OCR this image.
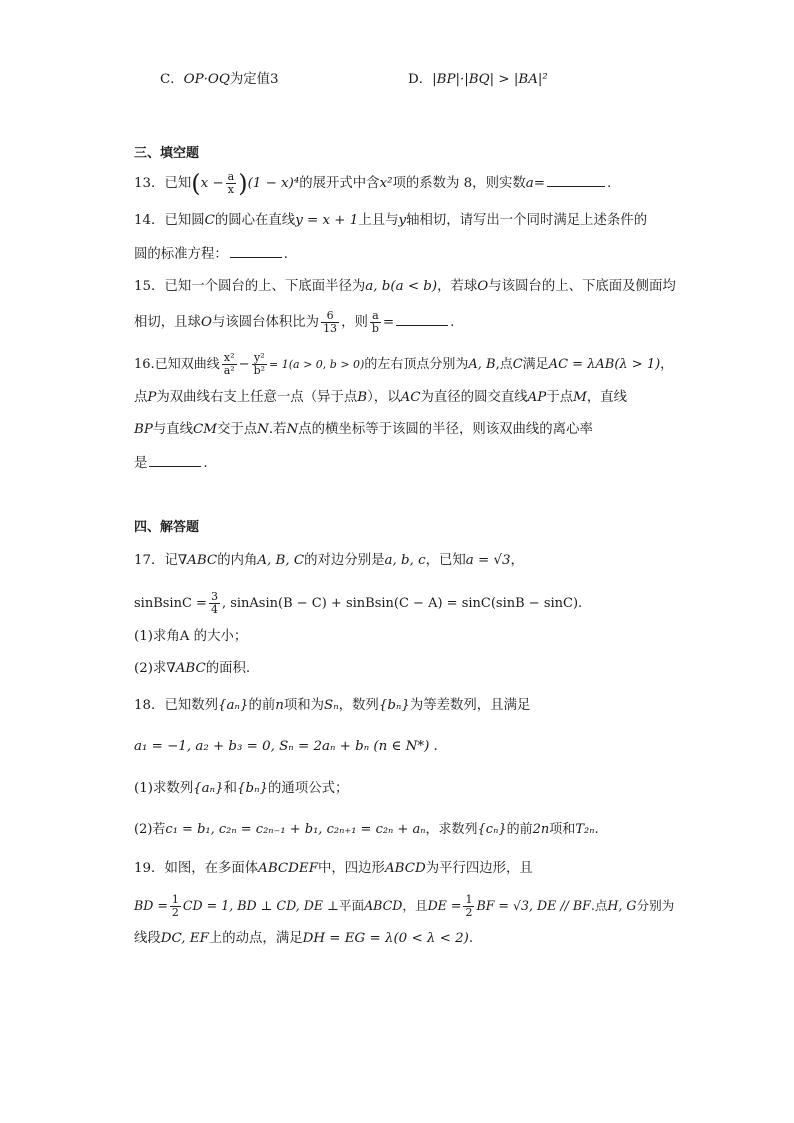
C．OP·OQ为定值3	D．|BP|·|BQ| > |BA|²
三、填空题
13．已知$(x - \frac{a}{x} )(1 - x)^4$的展开式中含x²项的系数为 8，则实数a=	.
14．已知圆C的圆心在直线y = x + 1上且与y轴相切，请写出一个同时满足上述条件的
圆的标准方程：	.
15．已知一个圆台的上、下底面半径为a, b(a < b)，若球O与该圆台的上、下底面及侧面均
相切，且球O与该圆台体积比为 $\frac{6}{13}$ ，则 $\frac{a}{b}$ =	.
16.已知双曲线 $\frac{\text{x²}}{\text{a²}} - \frac{\text{y²}}{\text{b²}} = 1(a > 0$, b > 0)的左右顶点分别为A, B,点C满足AC = λAB(λ > 1)，
点P为双曲线右支上任意一点（异于点B），以AC为直径的圆交直线AP于点M，直线
BP与直线CM交于点N.若N点的横坐标等于该圆的半径，则该双曲线的离心率
是	.
四、解答题
17．记∇ABC的内角A, B, C的对边分别是a, b, c，已知a = √3，
sinBsinC = $\frac{3}{4}$ , sinAsin(B − C) + sinBsin(C − A) = sinC(sinB − sinC).
(1)求角A 的大小；
(2)求∇ABC的面积.
18．已知数列{aₙ}的前n项和为Sₙ，数列{bₙ}为等差数列，且满足
a₁ = −1, a₂ + b₃ = 0, Sₙ = 2aₙ + bₙ (n ∈ N*) .
(1)求数列{aₙ}和{bₙ}的通项公式；
(2)若c₁ = b₁, c₂ₙ = c₂ₙ₋₁ + b₁, c₂ₙ₊₁ = c₂ₙ + aₙ，求数列{cₙ}的前2n项和T₂ₙ.
19．如图，在多面体ABCDEF中，四边形ABCD为平行四边形，且
BD = $\frac{1}{2}$ CD = 1, BD ⊥ CD, DE ⊥平面ABCD，且DE = $\frac{1}{2}$ BF = √3, DE // BF.点H, G分别为
线段DC, EF上的动点，满足DH = EG = λ(0 < λ < 2).
